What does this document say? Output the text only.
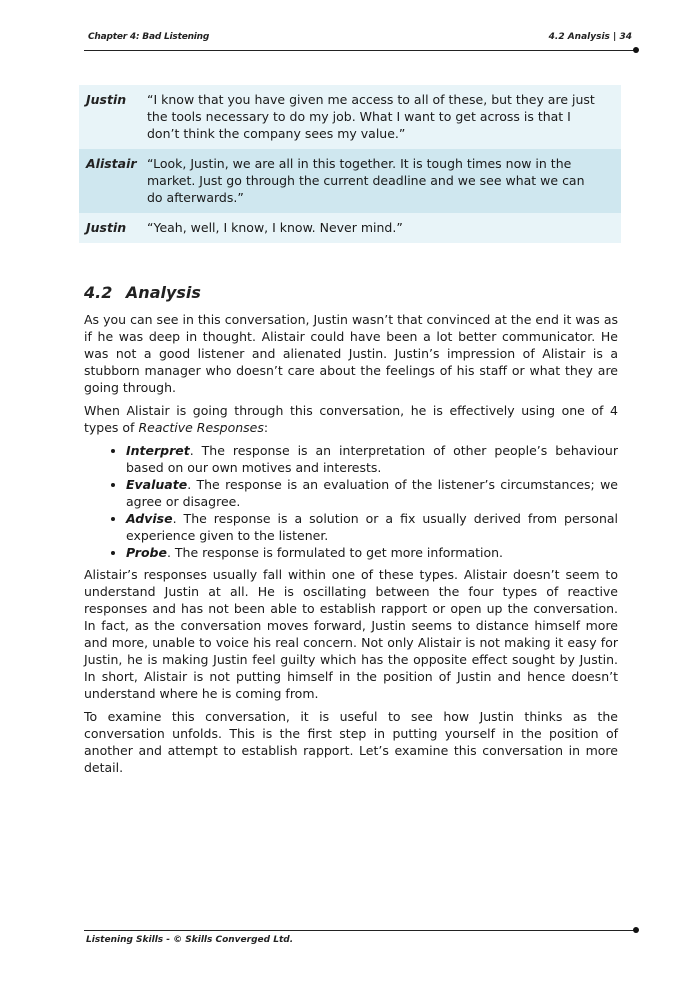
Chapter 4: Bad Listening	4.2 Analysis | 34
Justin	“I know that you have given me access to all of these, but they are just the tools necessary to do my job. What I want to get across is that I don’t think the company sees my value.”
Alistair	“Look, Justin, we are all in this together. It is tough times now in the market. Just go through the current deadline and we see what we can do afterwards.”
Justin	“Yeah, well, I know, I know. Never mind.”
4.2 Analysis

As you can see in this conversation, Justin wasn’t that convinced at the end it was as if he was deep in thought. Alistair could have been a lot better communicator. He was not a good listener and alienated Justin. Justin’s impression of Alistair is a stubborn manager who doesn’t care about the feelings of his staff or what they are going through.

When Alistair is going through this conversation, he is effectively using one of 4 types of Reactive Responses:

• Interpret. The response is an interpretation of other people’s behaviour based on our own motives and interests.
• Evaluate. The response is an evaluation of the listener’s circumstances; we agree or disagree.
• Advise. The response is a solution or a fix usually derived from personal experience given to the listener.
• Probe. The response is formulated to get more information.

Alistair’s responses usually fall within one of these types. Alistair doesn’t seem to understand Justin at all. He is oscillating between the four types of reactive responses and has not been able to establish rapport or open up the conversation. In fact, as the conversation moves forward, Justin seems to distance himself more and more, unable to voice his real concern. Not only Alistair is not making it easy for Justin, he is making Justin feel guilty which has the opposite effect sought by Justin. In short, Alistair is not putting himself in the position of Justin and hence doesn’t understand where he is coming from.

To examine this conversation, it is useful to see how Justin thinks as the conversation unfolds. This is the first step in putting yourself in the position of another and attempt to establish rapport. Let’s examine this conversation in more detail.

Listening Skills - © Skills Converged Ltd.
